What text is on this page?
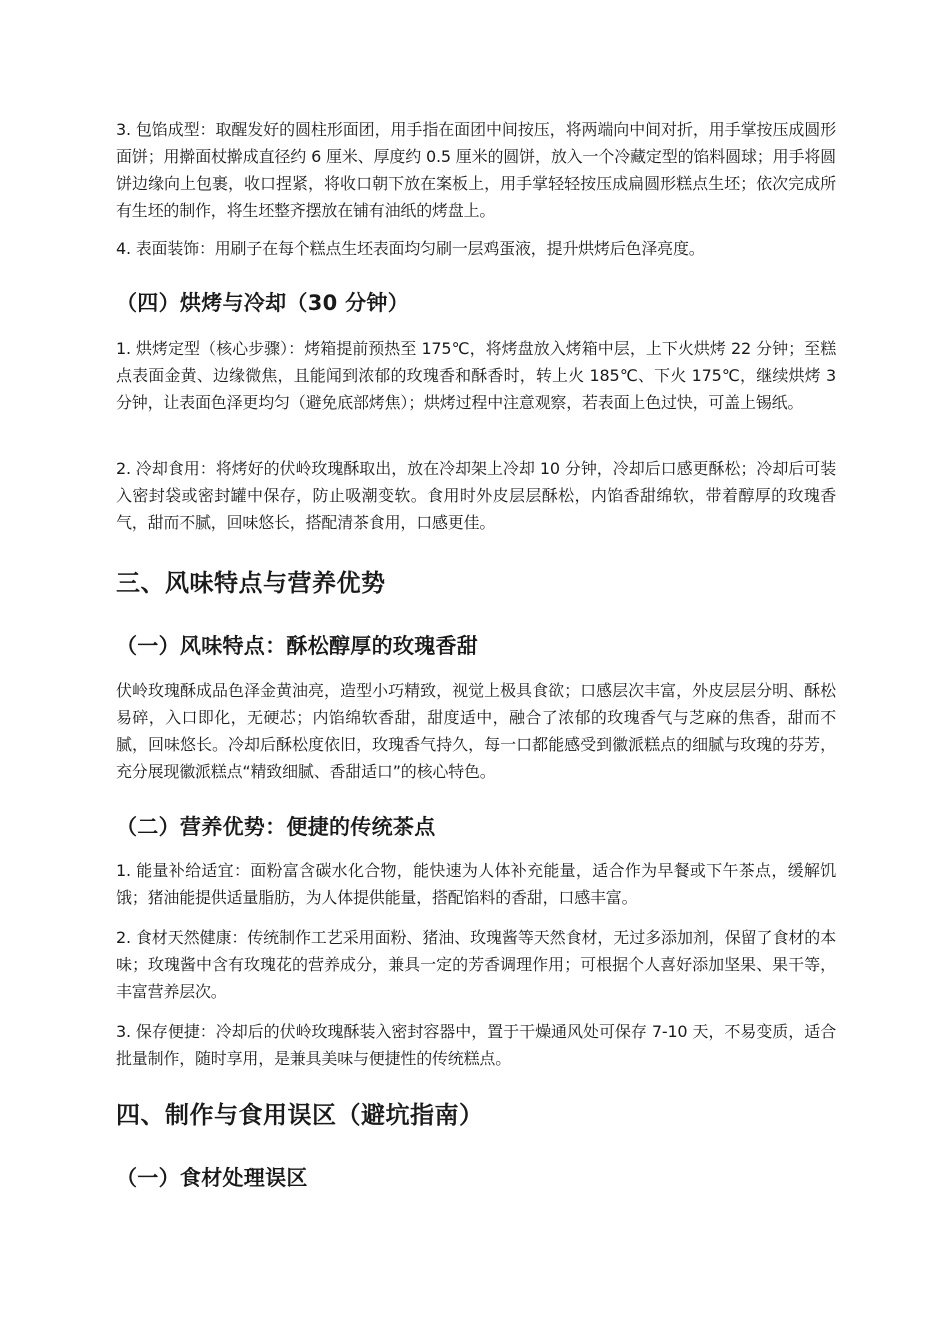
3. 包馅成型：取醒发好的圆柱形面团，用手指在面团中间按压，将两端向中间对折，用手掌按压成圆形面饼；用擀面杖擀成直径约 6 厘米、厚度约 0.5 厘米的圆饼，放入一个冷藏定型的馅料圆球；用手将圆饼边缘向上包裹，收口捏紧，将收口朝下放在案板上，用手掌轻轻按压成扁圆形糕点生坯；依次完成所有生坯的制作，将生坯整齐摆放在铺有油纸的烤盘上。

4. 表面装饰：用刷子在每个糕点生坯表面均匀刷一层鸡蛋液，提升烘烤后色泽亮度。

（四）烘烤与冷却（30 分钟）

1. 烘烤定型（核心步骤）：烤箱提前预热至 175℃，将烤盘放入烤箱中层，上下火烘烤 22 分钟；至糕点表面金黄、边缘微焦，且能闻到浓郁的玫瑰香和酥香时，转上火 185℃、下火 175℃，继续烘烤 3 分钟，让表面色泽更均匀（避免底部烤焦）；烘烤过程中注意观察，若表面上色过快，可盖上锡纸。

2. 冷却食用：将烤好的伏岭玫瑰酥取出，放在冷却架上冷却 10 分钟，冷却后口感更酥松；冷却后可装入密封袋或密封罐中保存，防止吸潮变软。食用时外皮层层酥松，内馅香甜绵软，带着醇厚的玫瑰香气，甜而不腻，回味悠长，搭配清茶食用，口感更佳。

三、风味特点与营养优势
（一）风味特点：酥松醇厚的玫瑰香甜

伏岭玫瑰酥成品色泽金黄油亮，造型小巧精致，视觉上极具食欲；口感层次丰富，外皮层层分明、酥松易碎，入口即化，无硬芯；内馅绵软香甜，甜度适中，融合了浓郁的玫瑰香气与芝麻的焦香，甜而不腻，回味悠长。冷却后酥松度依旧，玫瑰香气持久，每一口都能感受到徽派糕点的细腻与玫瑰的芬芳，充分展现徽派糕点“精致细腻、香甜适口”的核心特色。

（二）营养优势：便捷的传统茶点

1. 能量补给适宜：面粉富含碳水化合物，能快速为人体补充能量，适合作为早餐或下午茶点，缓解饥饿；猪油能提供适量脂肪，为人体提供能量，搭配馅料的香甜，口感丰富。

2. 食材天然健康：传统制作工艺采用面粉、猪油、玫瑰酱等天然食材，无过多添加剂，保留了食材的本味；玫瑰酱中含有玫瑰花的营养成分，兼具一定的芳香调理作用；可根据个人喜好添加坚果、果干等，丰富营养层次。

3. 保存便捷：冷却后的伏岭玫瑰酥装入密封容器中，置于干燥通风处可保存 7-10 天，不易变质，适合批量制作，随时享用，是兼具美味与便捷性的传统糕点。

四、制作与食用误区（避坑指南）
（一）食材处理误区
